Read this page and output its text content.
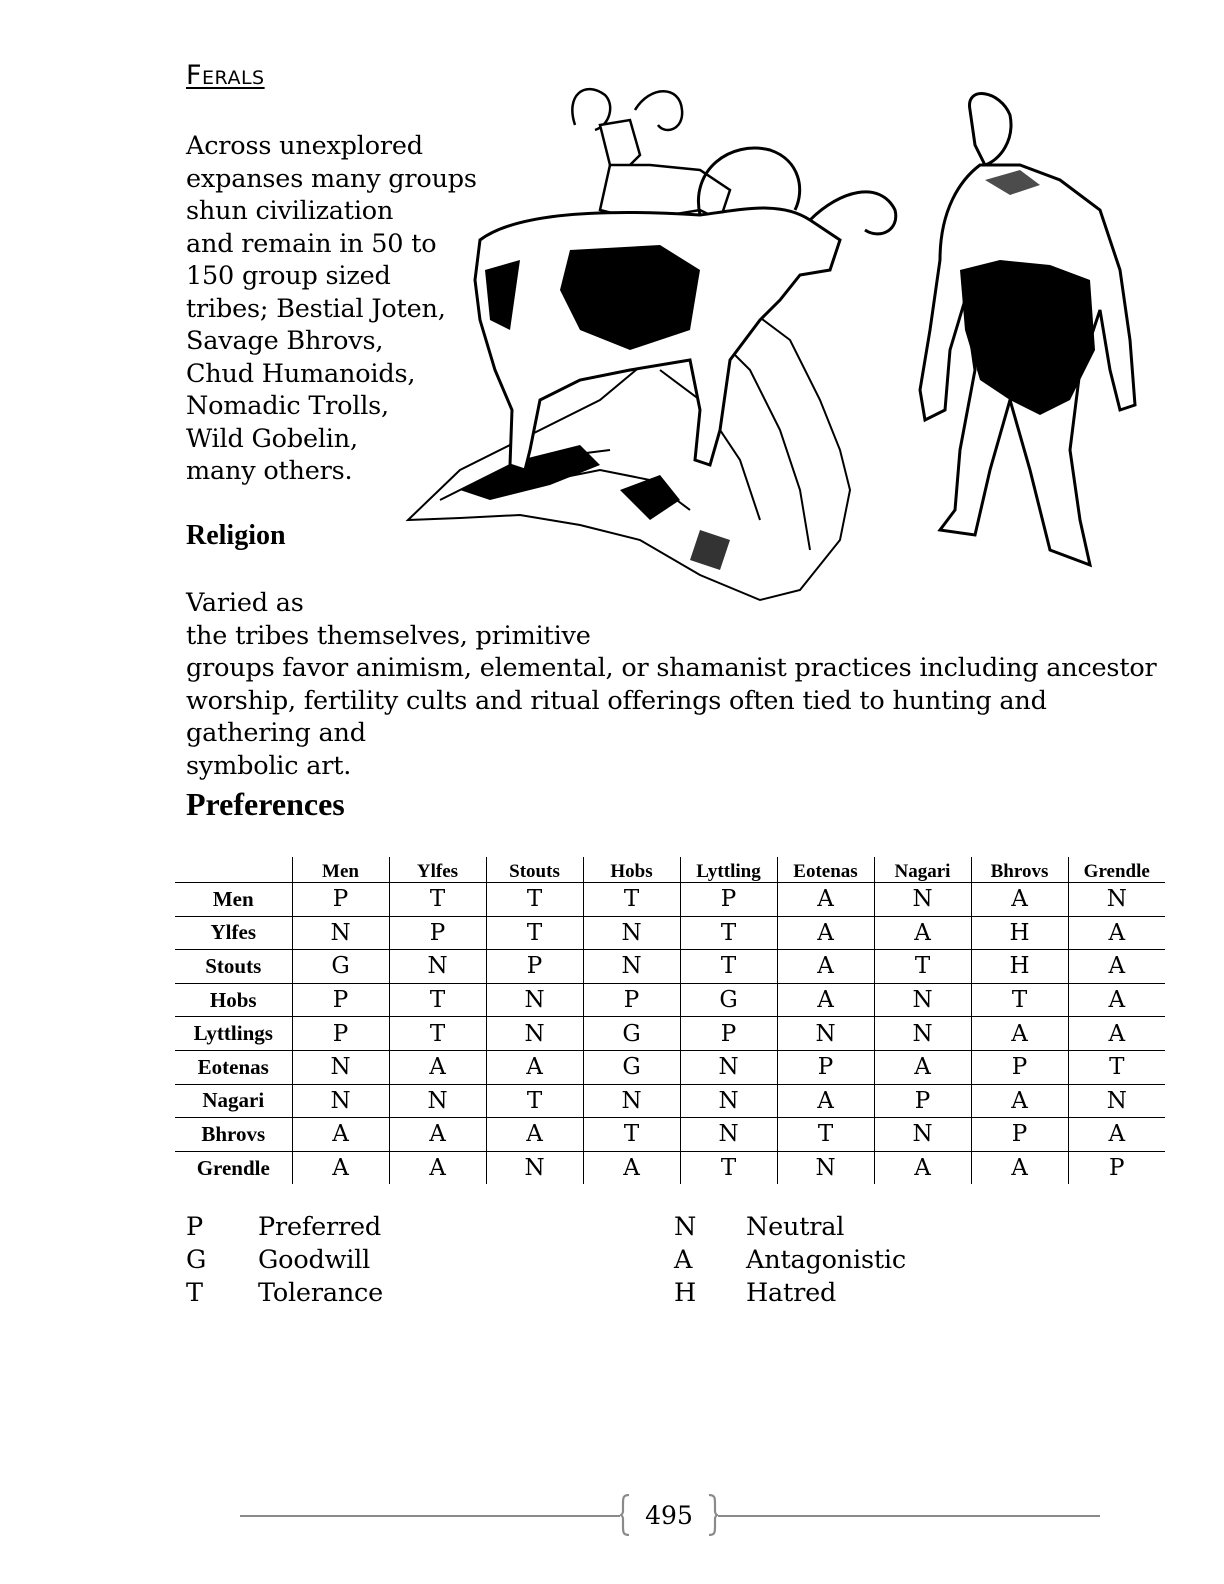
Ferals
Across unexplored
expanses many groups
shun civilization
and remain in 50 to
150 group sized
tribes; Bestial Joten,
Savage Bhrovs,
Chud Humanoids,
Nomadic Trolls,
Wild Gobelin,
many others.
Religion
Varied as
the tribes themselves, primitive
groups favor animism, elemental, or shamanist practices including ancestor
worship, fertility cults and ritual offerings often tied to hunting and gathering and
symbolic art.
Preferences
	Men	Ylfes	Stouts	Hobs	Lyttling	Eotenas	Nagari	Bhrovs	Grendle
Men	P	T	T	T	P	A	N	A	N
Ylfes	N	P	T	N	T	A	A	H	A
Stouts	G	N	P	N	T	A	T	H	A
Hobs	P	T	N	P	G	A	N	T	A
Lyttlings	P	T	N	G	P	N	N	A	A
Eotenas	N	A	A	G	N	P	A	P	T
Nagari	N	N	T	N	N	A	P	A	N
Bhrovs	A	A	A	T	N	T	N	P	A
Grendle	A	A	N	A	T	N	A	A	P
P	Preferred
G	Goodwill
T	Tolerance
N	Neutral
A	Antagonistic
H	Hatred
495
